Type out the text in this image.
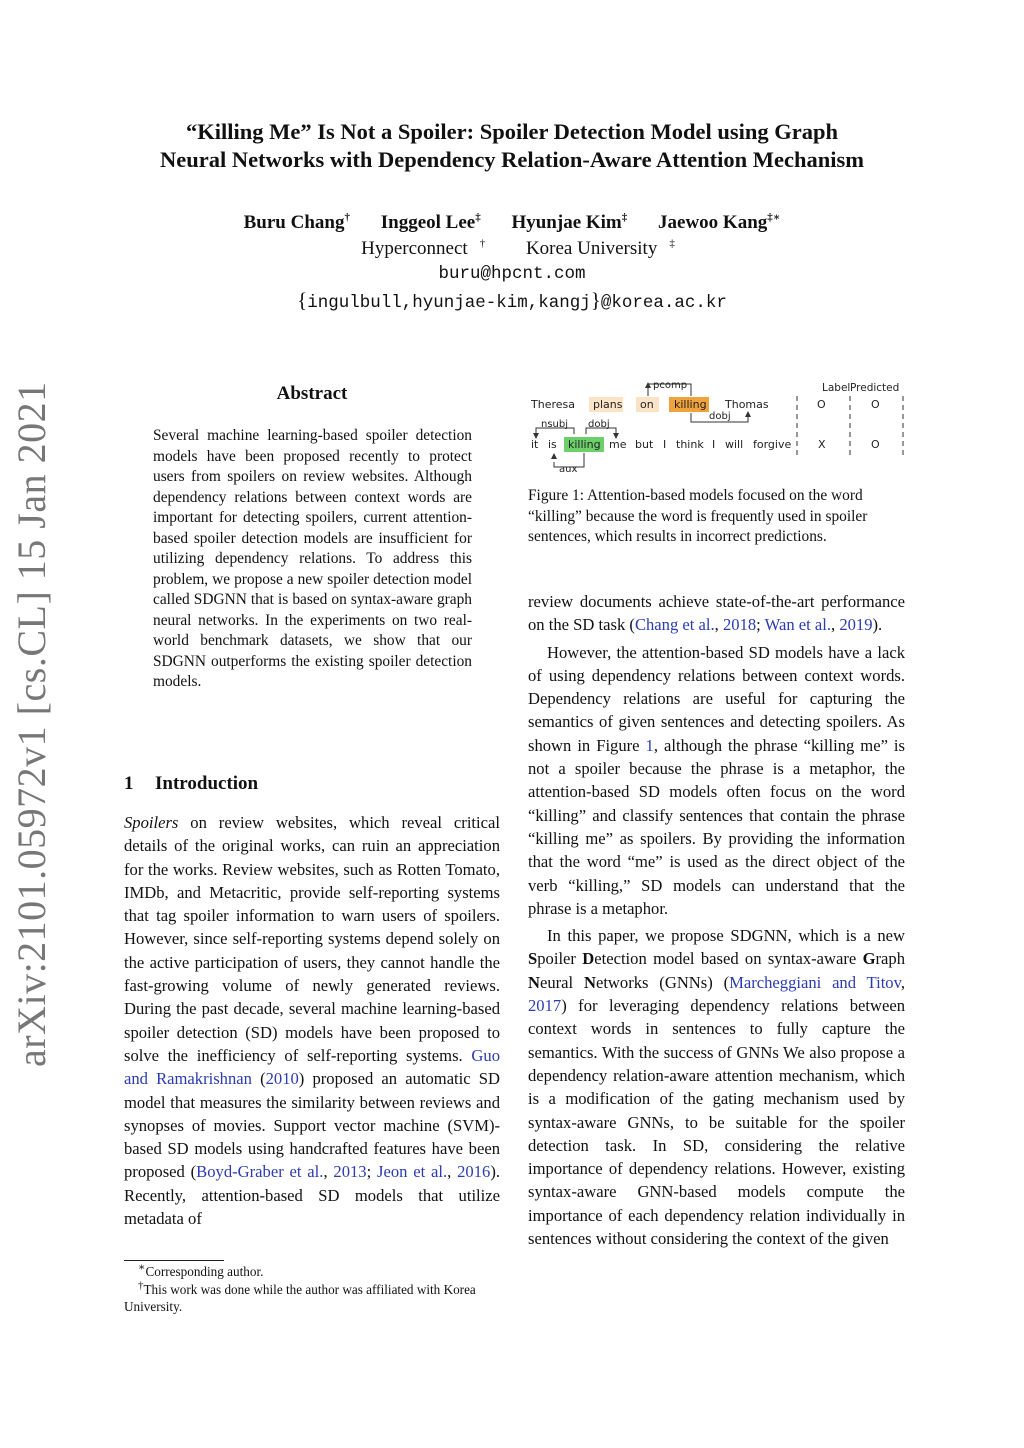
“Killing Me” Is Not a Spoiler: Spoiler Detection Model using Graph
Neural Networks with Dependency Relation-Aware Attention Mechanism
Buru Chang† Inggeol Lee‡ Hyunjae Kim‡ Jaewoo Kang‡∗
Hyperconnect † Korea University ‡
buru@hpcnt.com
{ingulbull,hyunjae-kim,kangj}@korea.ac.kr
arXiv:2101.05972v1 [cs.CL] 15 Jan 2021	Abstract
Several machine learning-based spoiler detection models have been proposed recently to protect users from spoilers on review websites. Although dependency relations between context words are important for detecting spoilers, current attention-based spoiler detection models are insufficient for utilizing dependency relations. To address this problem, we propose a new spoiler detection model called SDGNN that is based on syntax-aware graph neural networks. In the experiments on two real-world benchmark datasets, we show that our SDGNN outperforms the existing spoiler detection models.
1 Introduction

Spoilers on review websites, which reveal critical details of the original works, can ruin an appreciation for the works. Review websites, such as Rotten Tomato, IMDb, and Metacritic, provide self-reporting systems that tag spoiler information to warn users of spoilers. However, since self-reporting systems depend solely on the active participation of users, they cannot handle the fast-growing volume of newly generated reviews. During the past decade, several machine learning-based spoiler detection (SD) models have been proposed to solve the inefficiency of self-reporting systems. Guo and Ramakrishnan (2010) proposed an automatic SD model that measures the similarity between reviews and synopses of movies. Support vector machine (SVM)-based SD models using handcrafted features have been proposed (Boyd-Graber et al., 2013; Jeon et al., 2016). Recently, attention-based SD models that utilize metadata of

∗Corresponding author.

†This work was done while the author was affiliated with Korea University.

Label Predicted
Theresa plans on killing Thomas	O	O
pcomp
dobj
nsubj dobj
it is killing me but I think I will forgive X	O
aux
Figure 1: Attention-based models focused on the word “killing” because the word is frequently used in spoiler sentences, which results in incorrect predictions.

review documents achieve state-of-the-art performance on the SD task (Chang et al., 2018; Wan et al., 2019).

However, the attention-based SD models have a lack of using dependency relations between context words. Dependency relations are useful for capturing the semantics of given sentences and detecting spoilers. As shown in Figure 1, although the phrase “killing me” is not a spoiler because the phrase is a metaphor, the attention-based SD models often focus on the word “killing” and classify sentences that contain the phrase “killing me” as spoilers. By providing the information that the word “me” is used as the direct object of the verb “killing,” SD models can understand that the phrase is a metaphor.

In this paper, we propose SDGNN, which is a new Spoiler Detection model based on syntax-aware Graph Neural Networks (GNNs) (Marcheggiani and Titov, 2017) for leveraging dependency relations between context words in sentences to fully capture the semantics. With the success of GNNs We also propose a dependency relation-aware attention mechanism, which is a modification of the gating mechanism used by syntax-aware GNNs, to be suitable for the spoiler detection task. In SD, considering the relative importance of dependency relations. However, existing syntax-aware GNN-based models compute the importance of each dependency relation individually in sentences without considering the context of the given
